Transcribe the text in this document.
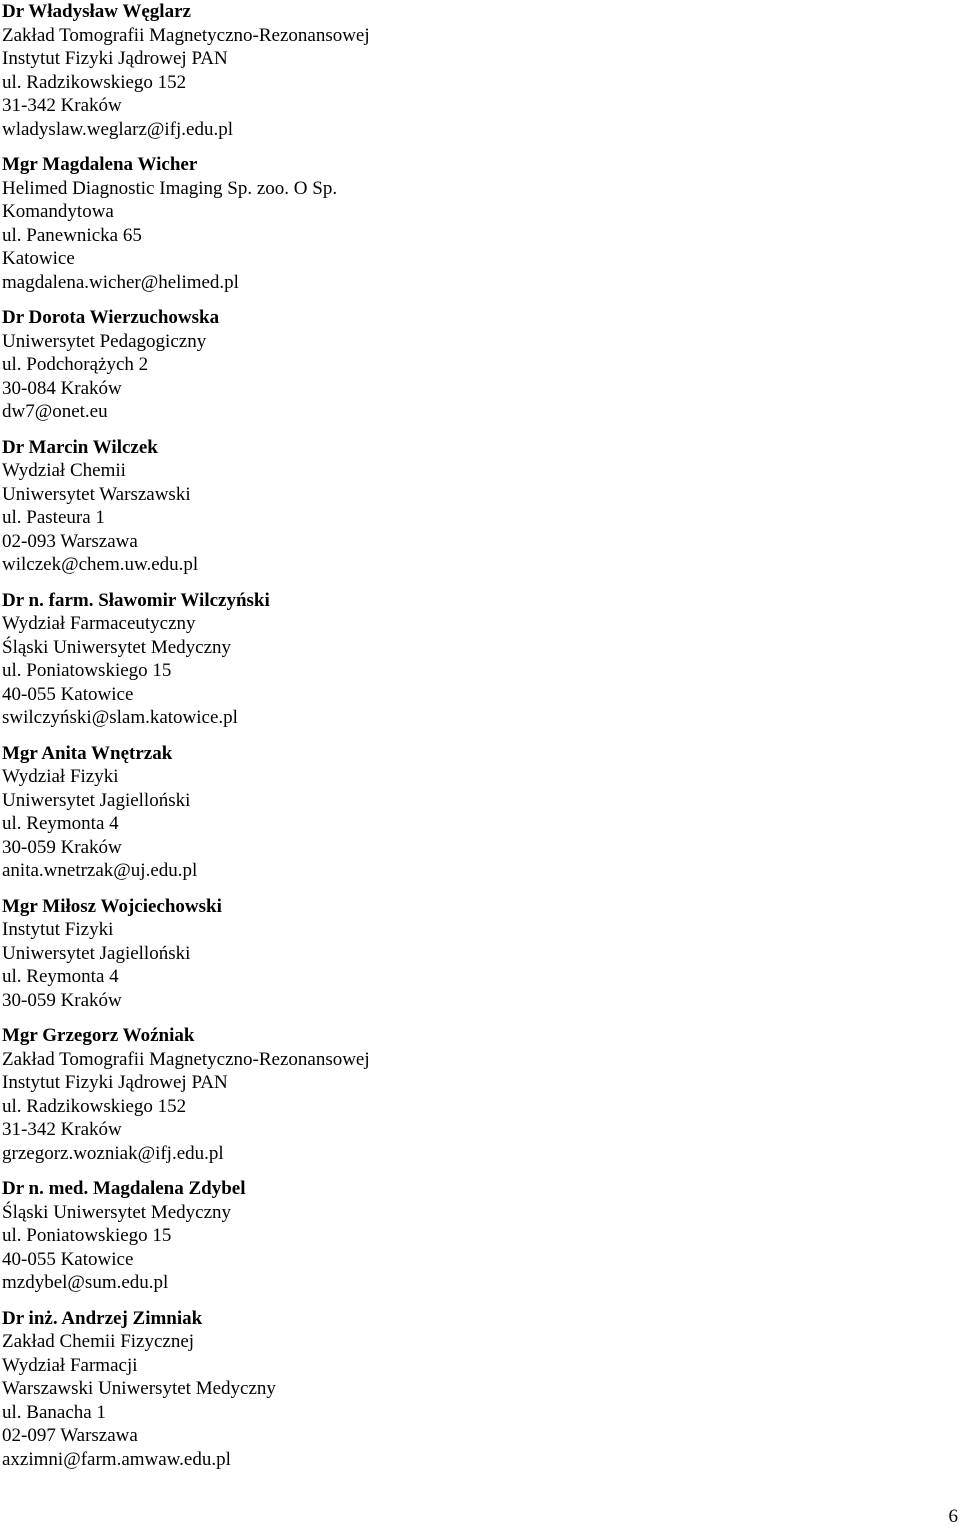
Dr Władysław Węglarz
Zakład Tomografii Magnetyczno-Rezonansowej
Instytut Fizyki Jądrowej PAN
ul. Radzikowskiego 152
31-342 Kraków
wladyslaw.weglarz@ifj.edu.pl
Mgr Magdalena Wicher
Helimed Diagnostic Imaging Sp. zoo. O Sp.
Komandytowa
ul. Panewnicka 65
Katowice
magdalena.wicher@helimed.pl
Dr Dorota Wierzuchowska
Uniwersytet Pedagogiczny
ul. Podchorążych 2
30-084 Kraków
dw7@onet.eu
Dr Marcin Wilczek
Wydział Chemii
Uniwersytet Warszawski
ul. Pasteura 1
02-093 Warszawa
wilczek@chem.uw.edu.pl
Dr n. farm. Sławomir Wilczyński
Wydział Farmaceutyczny
Śląski Uniwersytet Medyczny
ul. Poniatowskiego 15
40-055 Katowice
swilczyński@slam.katowice.pl
Mgr Anita Wnętrzak
Wydział Fizyki
Uniwersytet Jagielloński
ul. Reymonta 4
30-059 Kraków
anita.wnetrzak@uj.edu.pl
Mgr Miłosz Wojciechowski
Instytut Fizyki
Uniwersytet Jagielloński
ul. Reymonta 4
30-059 Kraków
Mgr Grzegorz Woźniak
Zakład Tomografii Magnetyczno-Rezonansowej
Instytut Fizyki Jądrowej PAN
ul. Radzikowskiego 152
31-342 Kraków
grzegorz.wozniak@ifj.edu.pl
Dr n. med. Magdalena Zdybel
Śląski Uniwersytet Medyczny
ul. Poniatowskiego 15
40-055 Katowice
mzdybel@sum.edu.pl
Dr inż. Andrzej Zimniak
Zakład Chemii Fizycznej
Wydział Farmacji
Warszawski Uniwersytet Medyczny
ul. Banacha 1
02-097 Warszawa
axzimni@farm.amwaw.edu.pl
6
